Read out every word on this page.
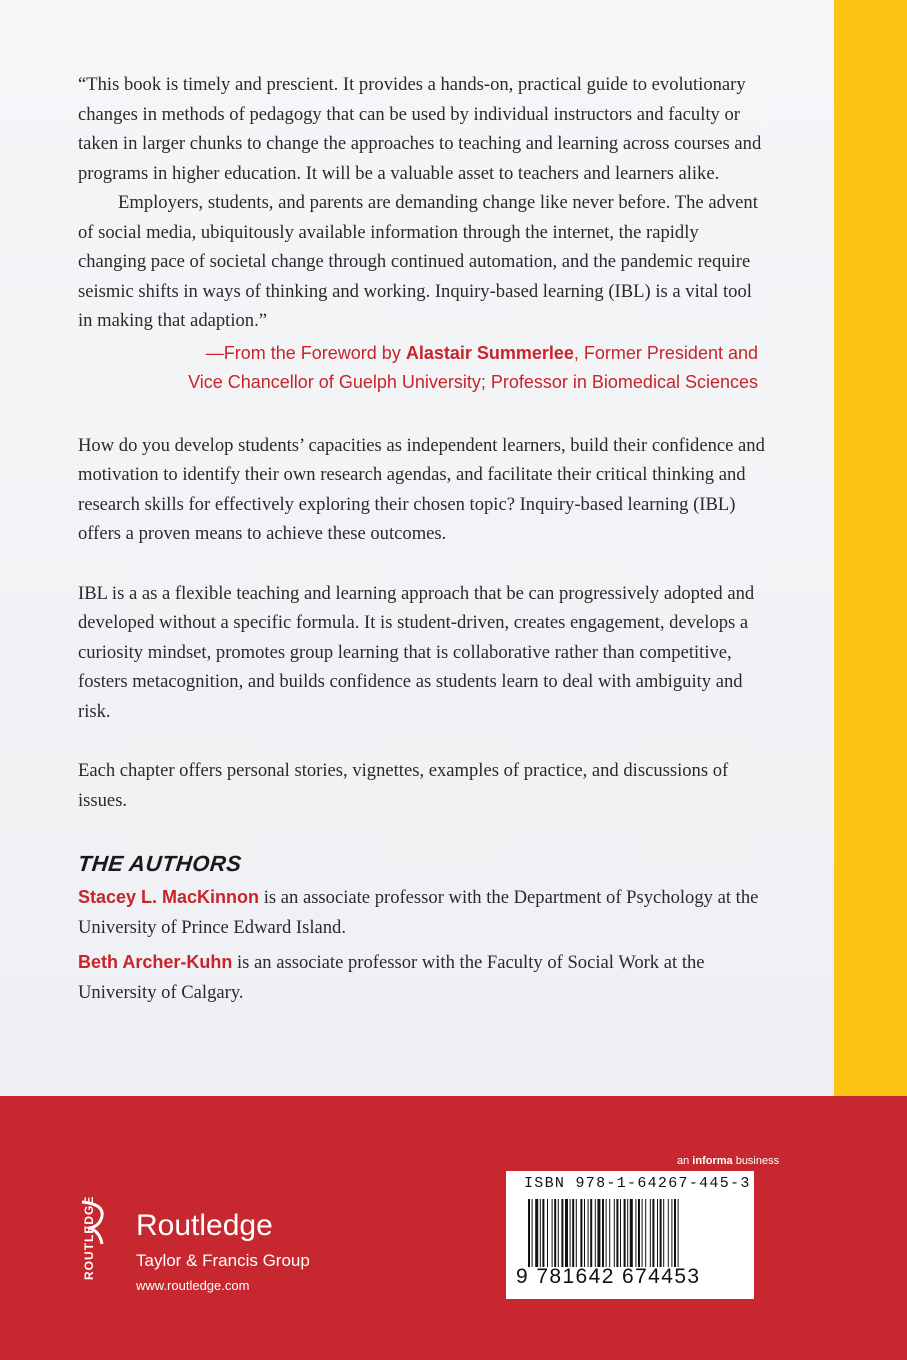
“This book is timely and prescient. It provides a hands-on, practical guide to evolutionary changes in methods of pedagogy that can be used by individual instructors and faculty or taken in larger chunks to change the approaches to teaching and learning across courses and programs in higher education. It will be a valuable asset to teachers and learners alike.

Employers, students, and parents are demanding change like never before. The advent of social media, ubiquitously available information through the internet, the rapidly changing pace of societal change through continued automation, and the pandemic require seismic shifts in ways of thinking and working. Inquiry-based learning (IBL) is a vital tool in making that adaption.”

—From the Foreword by Alastair Summerlee, Former President and
Vice Chancellor of Guelph University; Professor in Biomedical Sciences

How do you develop students’ capacities as independent learners, build their confidence and motivation to identify their own research agendas, and facilitate their critical thinking and research skills for effectively exploring their chosen topic? Inquiry-based learning (IBL) offers a proven means to achieve these outcomes.

IBL is a as a flexible teaching and learning approach that be can progressively adopted and developed without a specific formula. It is student-driven, creates engagement, develops a curiosity mindset, promotes group learning that is collaborative rather than competitive, fosters metacognition, and builds confidence as students learn to deal with ambiguity and risk.

Each chapter offers personal stories, vignettes, examples of practice, and discussions of issues.

THE AUTHORS

Stacey L. MacKinnon is an associate professor with the Department of Psychology at the University of Prince Edward Island.

Beth Archer-Kuhn is an associate professor with the Faculty of Social Work at the University of Calgary.

ROUTLEDGE Routledge
Taylor & Francis Group
www.routledge.com
an informa business
ISBN 978-1-64267-445-3
9 781642 674453
